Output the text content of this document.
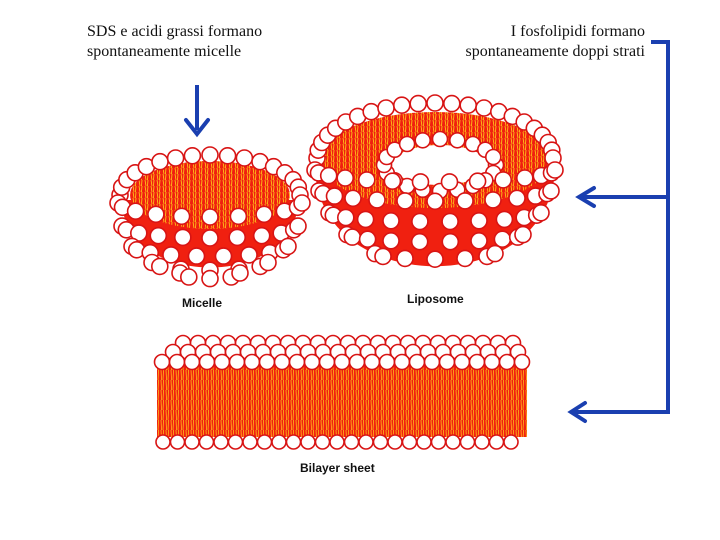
SDS e acidi grassi formano
spontaneamente micelle
I fosfolipidi formano
spontaneamente doppi strati
Micelle	Liposome
Bilayer sheet
